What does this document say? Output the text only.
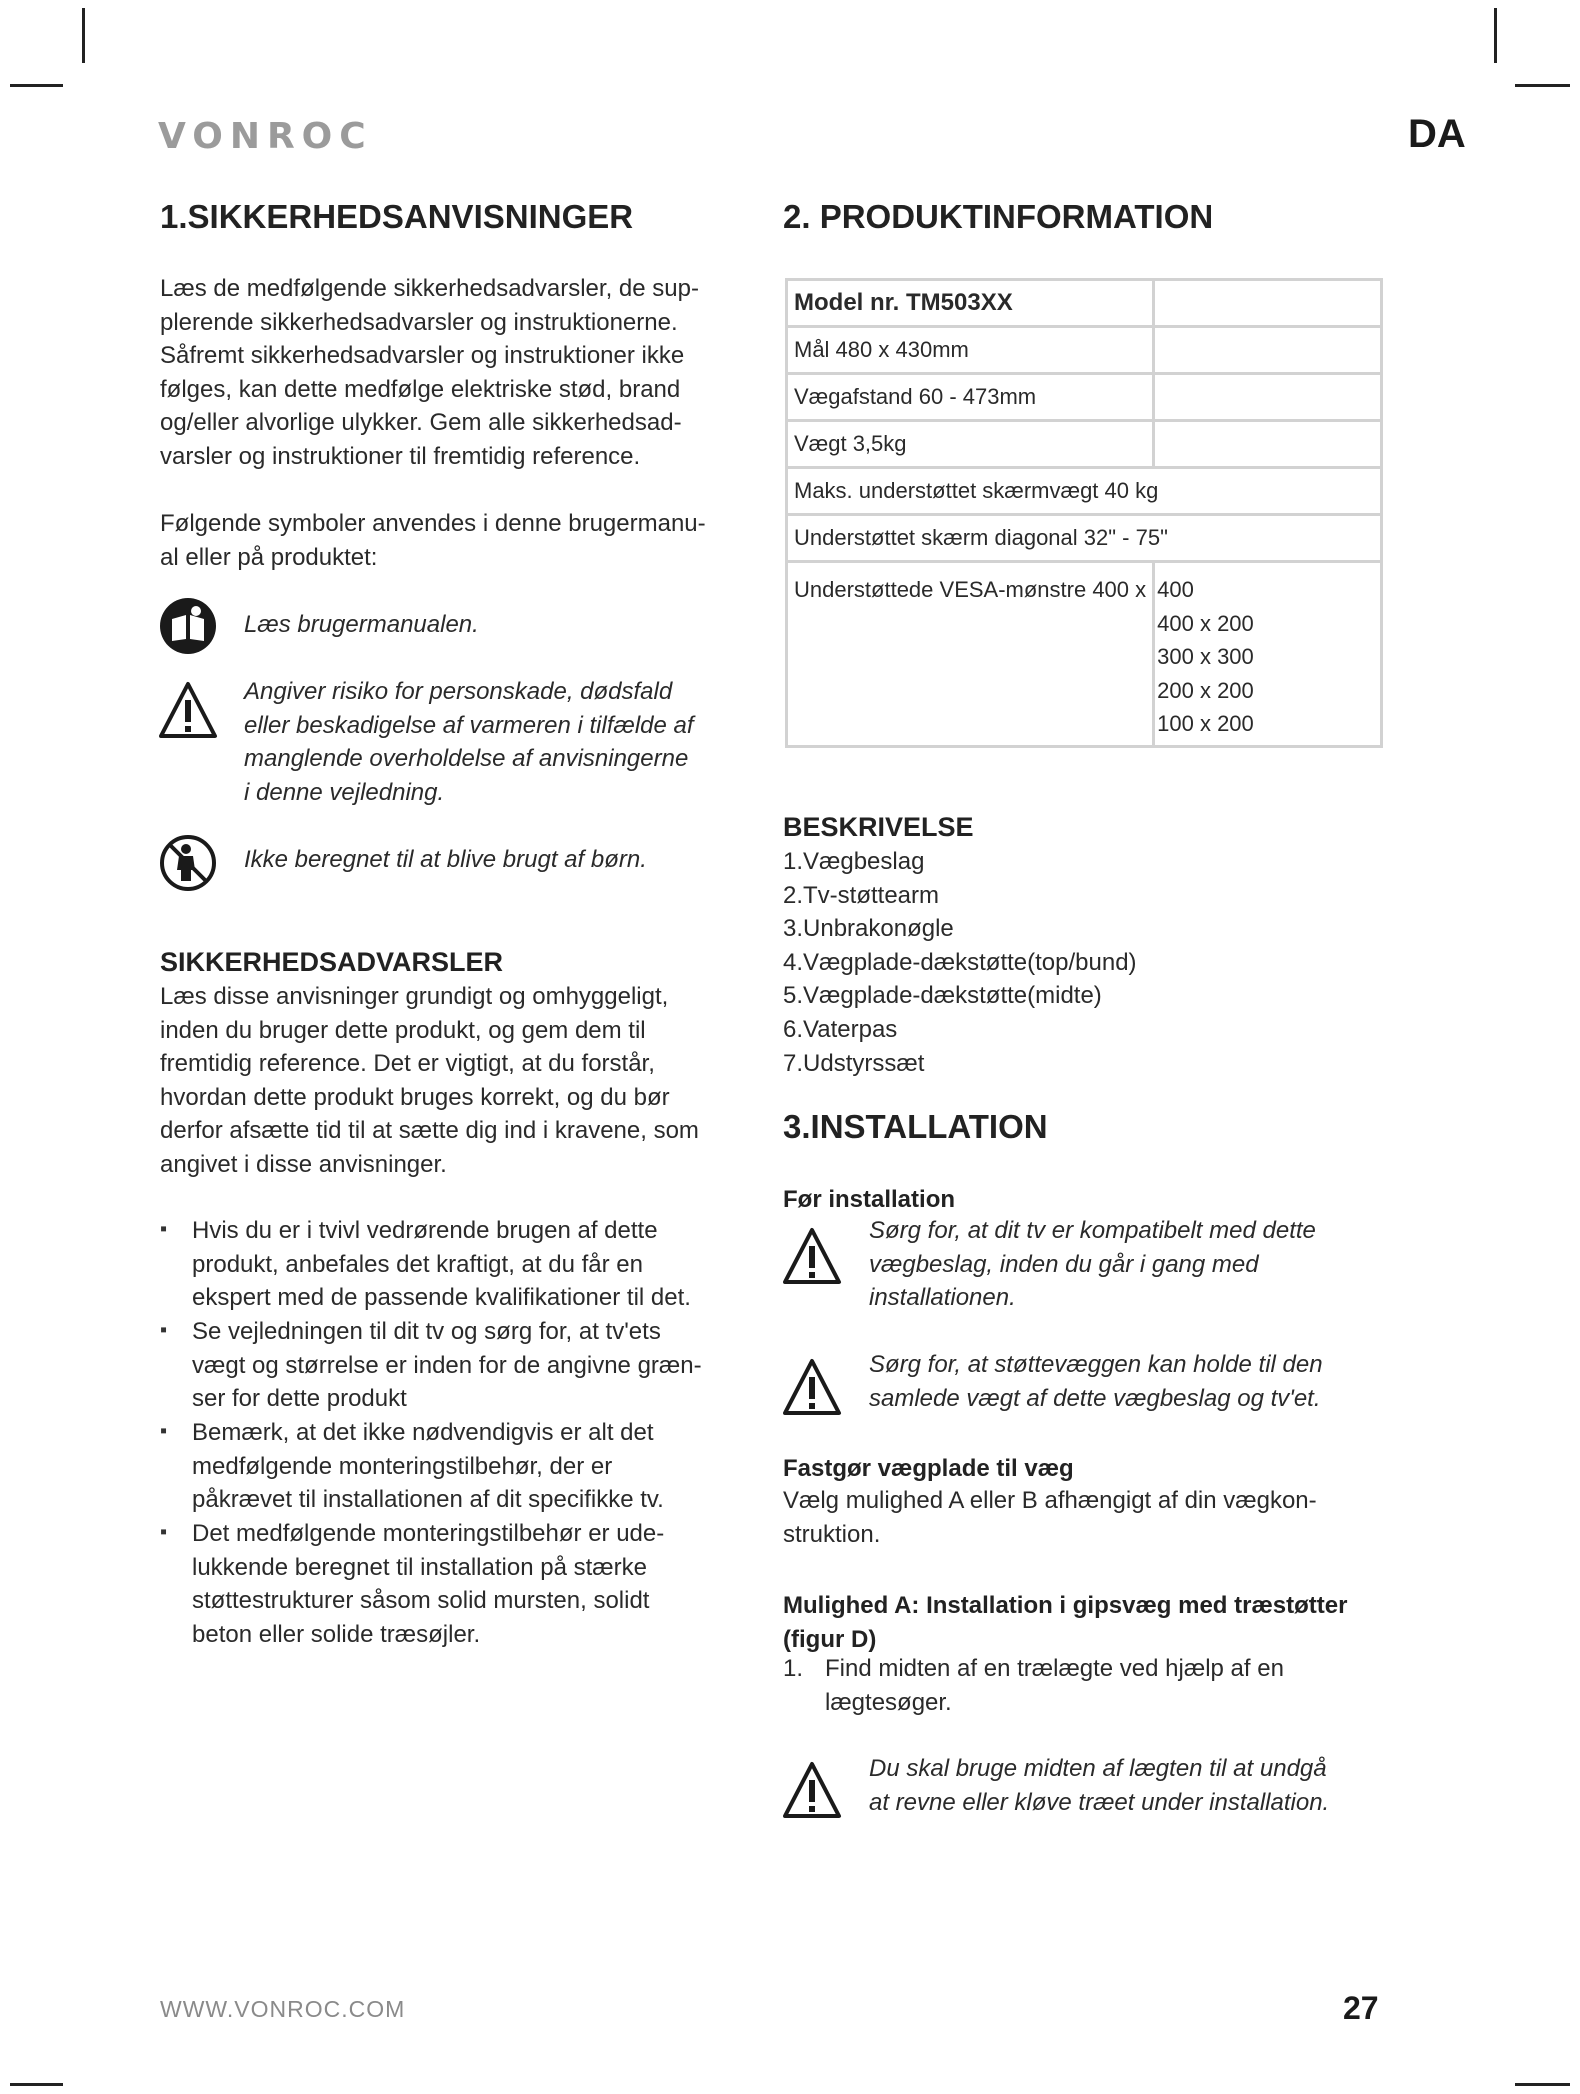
VONROC	DA
1.SIKKERHEDSANVISNINGER
Læs de medfølgende sikkerhedsadvarsler, de sup-
plerende sikkerhedsadvarsler og instruktionerne.
Såfremt sikkerhedsadvarsler og instruktioner ikke
følges, kan dette medfølge elektriske stød, brand
og/eller alvorlige ulykker. Gem alle sikkerhedsad-
varsler og instruktioner til fremtidig reference.
Følgende symboler anvendes i denne brugermanu-
al eller på produktet:
Læs brugermanualen.
Angiver risiko for personskade, dødsfald
eller beskadigelse af varmeren i tilfælde af
manglende overholdelse af anvisningerne
i denne vejledning.
Ikke beregnet til at blive brugt af børn.
SIKKERHEDSADVARSLER
Læs disse anvisninger grundigt og omhyggeligt,
inden du bruger dette produkt, og gem dem til
fremtidig reference. Det er vigtigt, at du forstår,
hvordan dette produkt bruges korrekt, og du bør
derfor afsætte tid til at sætte dig ind i kravene, som
angivet i disse anvisninger.
▪ Hvis du er i tvivl vedrørende brugen af dette
produkt, anbefales det kraftigt, at du får en
ekspert med de passende kvalifikationer til det.
▪ Se vejledningen til dit tv og sørg for, at tv'ets
vægt og størrelse er inden for de angivne græn-
ser for dette produkt
▪ Bemærk, at det ikke nødvendigvis er alt det
medfølgende monteringstilbehør, der er
påkrævet til installationen af dit specifikke tv.
▪ Det medfølgende monteringstilbehør er ude-
lukkende beregnet til installation på stærke
støttestrukturer såsom solid mursten, solidt
beton eller solide træsøjler.
2. PRODUKTINFORMATION
Model nr. TM503XX	
Mål 480 x 430mm	
Vægafstand 60 - 473mm	
Vægt 3,5kg	
Maks. understøttet skærmvægt 40 kg	
Understøttet skærm diagonal 32" - 75"	
Understøttede VESA-mønstre 400 x	400
400 x 200
300 x 300
200 x 200
100 x 200
BESKRIVELSE
1.Vægbeslag
2.Tv-støttearm
3.Unbrakonøgle
4.Vægplade-dækstøtte(top/bund)
5.Vægplade-dækstøtte(midte)
6.Vaterpas
7.Udstyrssæt
3.INSTALLATION
Før installation
Sørg for, at dit tv er kompatibelt med dette
vægbeslag, inden du går i gang med
installationen.
Sørg for, at støttevæggen kan holde til den
samlede vægt af dette vægbeslag og tv'et.
Fastgør vægplade til væg
Vælg mulighed A eller B afhængigt af din vægkon-
struktion.
Mulighed A: Installation i gipsvæg med træstøtter
(figur D)
1. Find midten af en trælægte ved hjælp af en
lægtesøger.
Du skal bruge midten af lægten til at undgå
at revne eller kløve træet under installation.
WWW.VONROC.COM	27
